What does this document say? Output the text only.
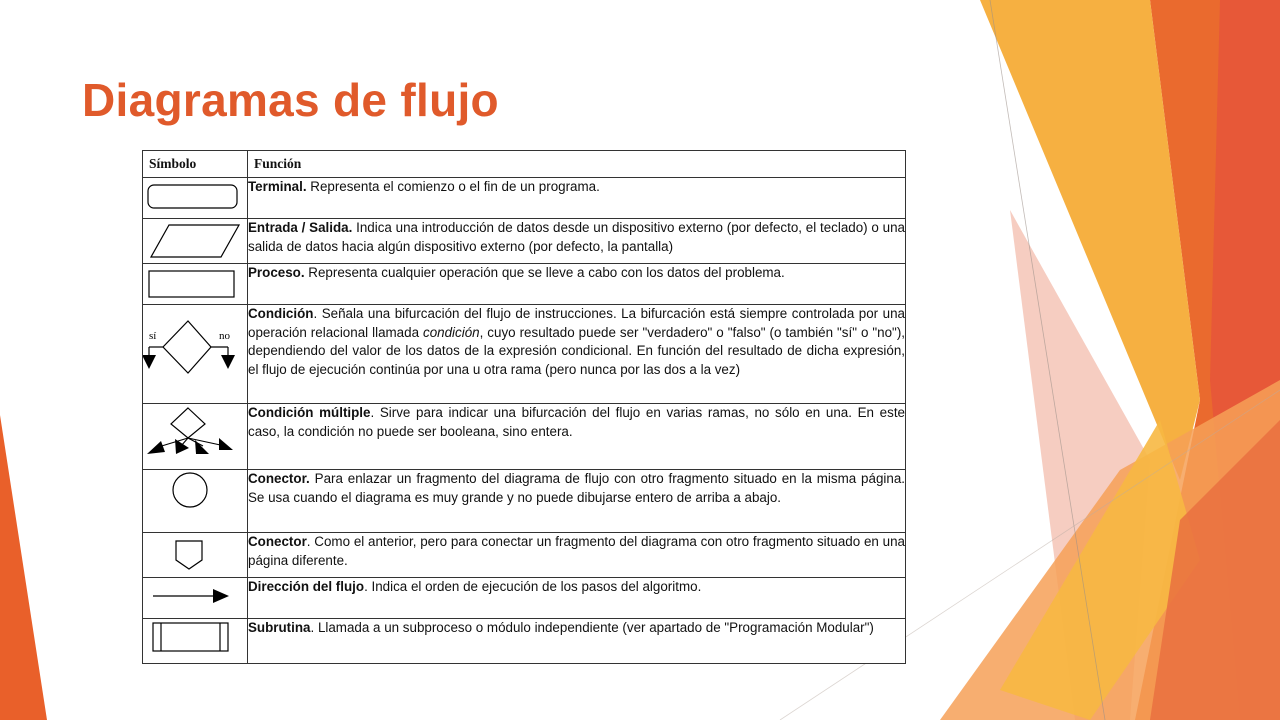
Diagramas de flujo
Símbolo	Función

	Terminal. Representa el comienzo o el fin de un programa.

	Entrada / Salida. Indica una introducción de datos desde un dispositivo externo (por defecto, el teclado) o una salida de datos hacia algún dispositivo externo (por defecto, la pantalla)

	Proceso. Representa cualquier operación que se lleve a cabo con los datos del problema.

sí no	Condición. Señala una bifurcación del flujo de instrucciones. La bifurcación está siempre controlada por una operación relacional llamada condición, cuyo resultado puede ser "verdadero" o "falso" (o también "sí" o "no"), dependiendo del valor de los datos de la expresión condicional. En función del resultado de dicha expresión, el flujo de ejecución continúa por una u otra rama (pero nunca por las dos a la vez)

	Condición múltiple. Sirve para indicar una bifurcación del flujo en varias ramas, no sólo en una. En este caso, la condición no puede ser booleana, sino entera.

	Conector. Para enlazar un fragmento del diagrama de flujo con otro fragmento situado en la misma página. Se usa cuando el diagrama es muy grande y no puede dibujarse entero de arriba a abajo.

	Conector. Como el anterior, pero para conectar un fragmento del diagrama con otro fragmento situado en una página diferente.

	Dirección del flujo. Indica el orden de ejecución de los pasos del algoritmo.

	Subrutina. Llamada a un subproceso o módulo independiente (ver apartado de "Programación Modular")
